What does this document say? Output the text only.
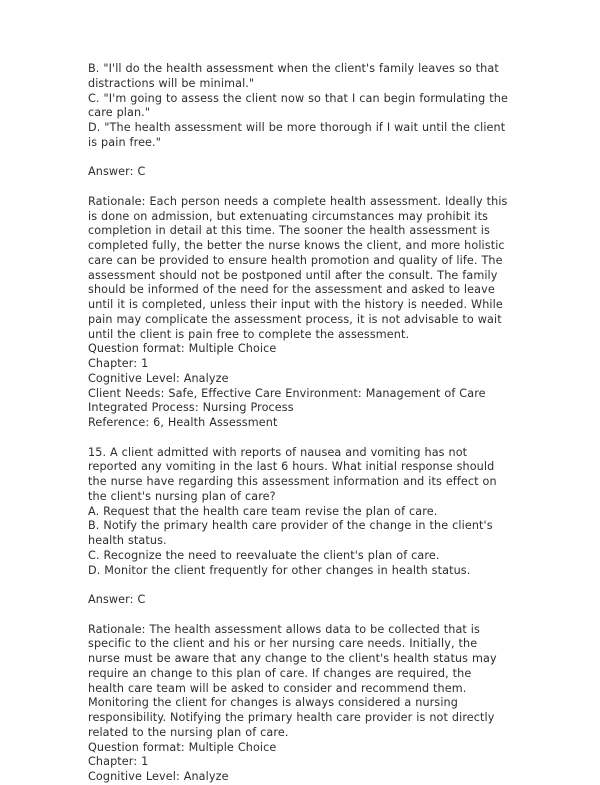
B. "I'll do the health assessment when the client's family leaves so that distractions will be minimal."

C. "I'm going to assess the client now so that I can begin formulating the care plan."

D. "The health assessment will be more thorough if I wait until the client is pain free."

Answer: C

Rationale: Each person needs a complete health assessment. Ideally this is done on admission, but extenuating circumstances may prohibit its completion in detail at this time. The sooner the health assessment is completed fully, the better the nurse knows the client, and more holistic care can be provided to ensure health promotion and quality of life. The assessment should not be postponed until after the consult. The family should be informed of the need for the assessment and asked to leave until it is completed, unless their input with the history is needed. While pain may complicate the assessment process, it is not advisable to wait until the client is pain free to complete the assessment.

Question format: Multiple Choice

Chapter: 1

Cognitive Level: Analyze

Client Needs: Safe, Effective Care Environment: Management of Care

Integrated Process: Nursing Process

Reference: 6, Health Assessment

15. A client admitted with reports of nausea and vomiting has not reported any vomiting in the last 6 hours. What initial response should the nurse have regarding this assessment information and its effect on the client's nursing plan of care?

A. Request that the health care team revise the plan of care.

B. Notify the primary health care provider of the change in the client's health status.

C. Recognize the need to reevaluate the client's plan of care.

D. Monitor the client frequently for other changes in health status.

Answer: C

Rationale: The health assessment allows data to be collected that is specific to the client and his or her nursing care needs. Initially, the nurse must be aware that any change to the client's health status may require an change to this plan of care. If changes are required, the health care team will be asked to consider and recommend them. Monitoring the client for changes is always considered a nursing responsibility. Notifying the primary health care provider is not directly related to the nursing plan of care.

Question format: Multiple Choice

Chapter: 1

Cognitive Level: Analyze
